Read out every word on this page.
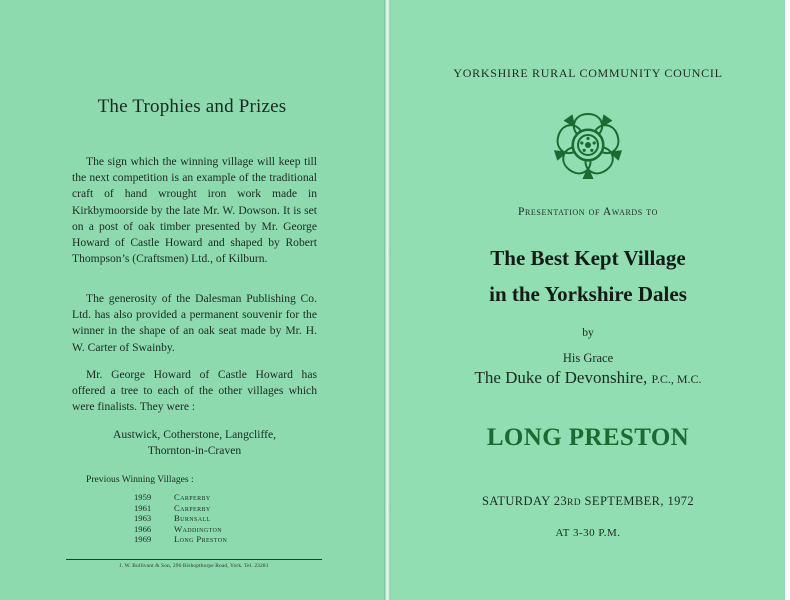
The Trophies and Prizes
The sign which the winning village will keep till the next competition is an example of the traditional craft of hand wrought iron work made in Kirkbymoorside by the late Mr. W. Dowson. It is set on a post of oak timber presented by Mr. George Howard of Castle Howard and shaped by Robert Thompson’s (Craftsmen) Ltd., of Kilburn.
The generosity of the Dalesman Publishing Co. Ltd. has also provided a permanent souvenir for the winner in the shape of an oak seat made by Mr. H. W. Carter of Swainby.
Mr. George Howard of Castle Howard has offered a tree to each of the other villages which were finalists. They were :
Austwick, Cotherstone, Langcliffe,
Thornton-in-Craven
Previous Winning Villages :
1959	Carperby
1961	Carperby
1963	Burnsall
1966	Waddington
1969	Long Preston
J. W. Bullivant & Son, 296 Bishopthorpe Road, York. Tel. 23281
YORKSHIRE RURAL COMMUNITY COUNCIL
Presentation of Awards to
The Best Kept Village
in the Yorkshire Dales
by
His Grace
The Duke of Devonshire, P.C., M.C.
LONG PRESTON
SATURDAY 23RD SEPTEMBER, 1972
AT 3-30 P.M.
